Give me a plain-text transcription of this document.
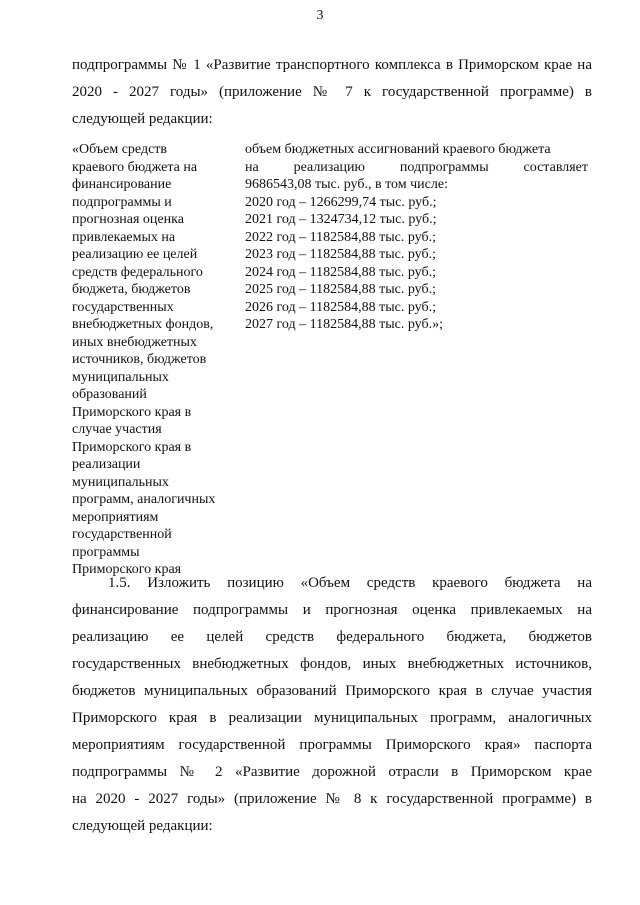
3
подпрограммы № 1 «Развитие транспортного комплекса в Приморском крае на
2020 - 2027 годы» (приложение № 7 к государственной программе) в
следующей редакции:
«Объем средств
краевого бюджета на
финансирование
подпрограммы и
прогнозная оценка
привлекаемых на
реализацию ее целей
средств федерального
бюджета, бюджетов
государственных
внебюджетных фондов,
иных внебюджетных
источников, бюджетов
муниципальных
образований
Приморского края в
случае участия
Приморского края в
реализации
муниципальных
программ, аналогичных
мероприятиям
государственной
программы
Приморского края
объем бюджетных ассигнований краевого бюджета
на реализацию подпрограммы составляет
9686543,08 тыс. руб., в том числе:
2020 год – 1266299,74 тыс. руб.;
2021 год – 1324734,12 тыс. руб.;
2022 год – 1182584,88 тыс. руб.;
2023 год – 1182584,88 тыс. руб.;
2024 год – 1182584,88 тыс. руб.;
2025 год – 1182584,88 тыс. руб.;
2026 год – 1182584,88 тыс. руб.;
2027 год – 1182584,88 тыс. руб.»;
1.5. Изложить позицию «Объем средств краевого бюджета на
финансирование подпрограммы и прогнозная оценка привлекаемых на
реализацию ее целей средств федерального бюджета, бюджетов
государственных внебюджетных фондов, иных внебюджетных источников,
бюджетов муниципальных образований Приморского края в случае участия
Приморского края в реализации муниципальных программ, аналогичных
мероприятиям государственной программы Приморского края» паспорта
подпрограммы № 2 «Развитие дорожной отрасли в Приморском крае
на 2020 - 2027 годы» (приложение № 8 к государственной программе) в
следующей редакции:
